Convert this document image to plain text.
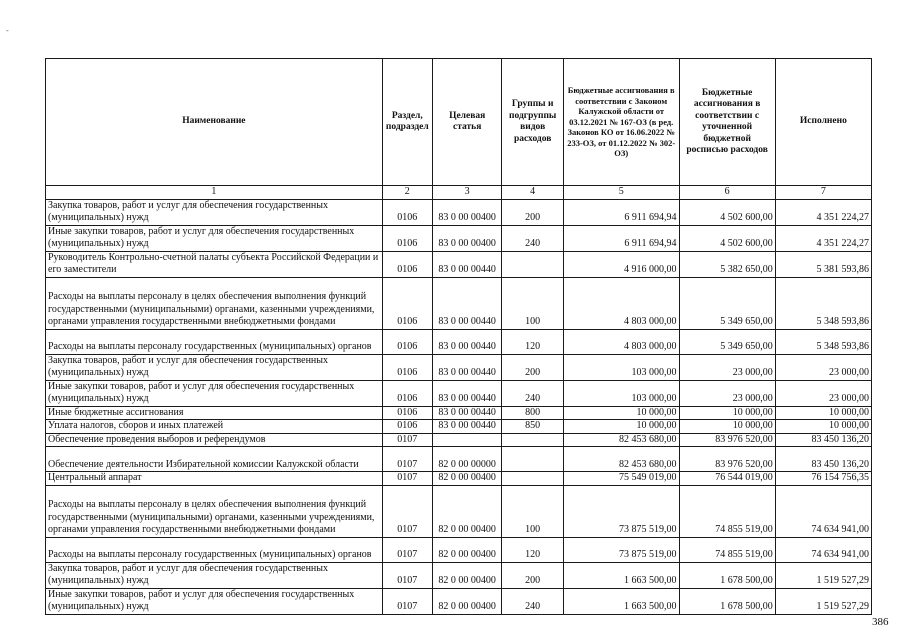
‐
Наименование	Раздел, подраздел	Целевая статья	Группы и подгруппы видов расходов	Бюджетные ассигнования в соответствии с Законом Калужской области от 03.12.2021 № 167-ОЗ (в ред. Законов КО от 16.06.2022 № 233-ОЗ, от 01.12.2022 № 302-ОЗ)	Бюджетные ассигнования в соответствии с уточненной бюджетной росписью расходов	Исполнено
1	2	3	4	5	6	7
Закупка товаров, работ и услуг для обеспечения государственных (муниципальных) нужд	0106	83 0 00 00400	200	6 911 694,94	4 502 600,00	4 351 224,27
Иные закупки товаров, работ и услуг для обеспечения государственных (муниципальных) нужд	0106	83 0 00 00400	240	6 911 694,94	4 502 600,00	4 351 224,27
Руководитель Контрольно-счетной палаты субъекта Российской Федерации и его заместители	0106	83 0 00 00440		4 916 000,00	5 382 650,00	5 381 593,86
Расходы на выплаты персоналу в целях обеспечения выполнения функций государственными (муниципальными) органами, казенными учреждениями, органами управления государственными внебюджетными фондами	0106	83 0 00 00440	100	4 803 000,00	5 349 650,00	5 348 593,86
Расходы на выплаты персоналу государственных (муниципальных) органов	0106	83 0 00 00440	120	4 803 000,00	5 349 650,00	5 348 593,86
Закупка товаров, работ и услуг для обеспечения государственных (муниципальных) нужд	0106	83 0 00 00440	200	103 000,00	23 000,00	23 000,00
Иные закупки товаров, работ и услуг для обеспечения государственных (муниципальных) нужд	0106	83 0 00 00440	240	103 000,00	23 000,00	23 000,00
Иные бюджетные ассигнования	0106	83 0 00 00440	800	10 000,00	10 000,00	10 000,00
Уплата налогов, сборов и иных платежей	0106	83 0 00 00440	850	10 000,00	10 000,00	10 000,00
Обеспечение проведения выборов и референдумов	0107			82 453 680,00	83 976 520,00	83 450 136,20
Обеспечение деятельности Избирательной комиссии Калужской области	0107	82 0 00 00000		82 453 680,00	83 976 520,00	83 450 136,20
Центральный аппарат	0107	82 0 00 00400		75 549 019,00	76 544 019,00	76 154 756,35
Расходы на выплаты персоналу в целях обеспечения выполнения функций государственными (муниципальными) органами, казенными учреждениями, органами управления государственными внебюджетными фондами	0107	82 0 00 00400	100	73 875 519,00	74 855 519,00	74 634 941,00
Расходы на выплаты персоналу государственных (муниципальных) органов	0107	82 0 00 00400	120	73 875 519,00	74 855 519,00	74 634 941,00
Закупка товаров, работ и услуг для обеспечения государственных (муниципальных) нужд	0107	82 0 00 00400	200	1 663 500,00	1 678 500,00	1 519 527,29
Иные закупки товаров, работ и услуг для обеспечения государственных (муниципальных) нужд	0107	82 0 00 00400	240	1 663 500,00	1 678 500,00	1 519 527,29
386
